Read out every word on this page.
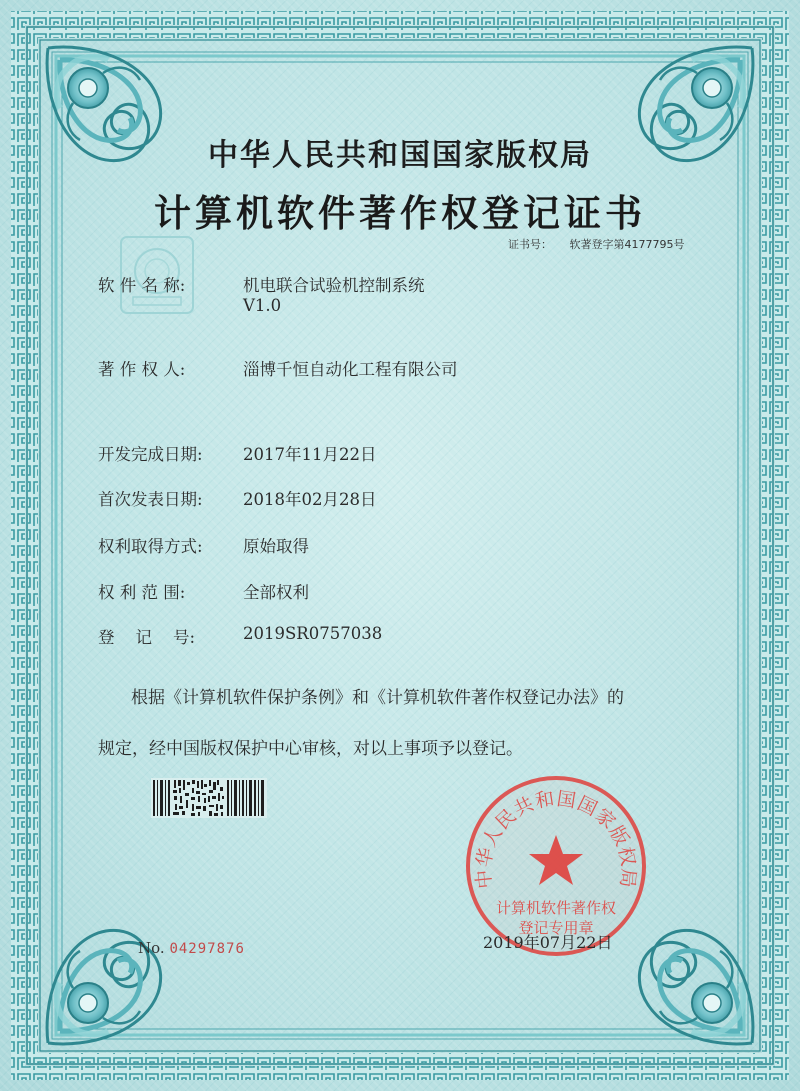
中华人民共和国国家版权局
计算机软件著作权登记证书
证书号： 软著登字第4177795号
软 件 名 称:	机电联合试验机控制系统
V1.0
著 作 权 人:	淄博千恒自动化工程有限公司
开发完成日期: 2017年11月22日
首次发表日期: 2018年02月28日
权利取得方式: 原始取得
权 利 范 围:	全部权利
登    记    号:	2019SR0757038
根据《计算机软件保护条例》和《计算机软件著作权登记办法》的
规定，经中国版权保护中心审核，对以上事项予以登记。
No. 04297876
中华人民共和国国家版权局
计算机软件著作权
登记专用章
2019年07月22日
